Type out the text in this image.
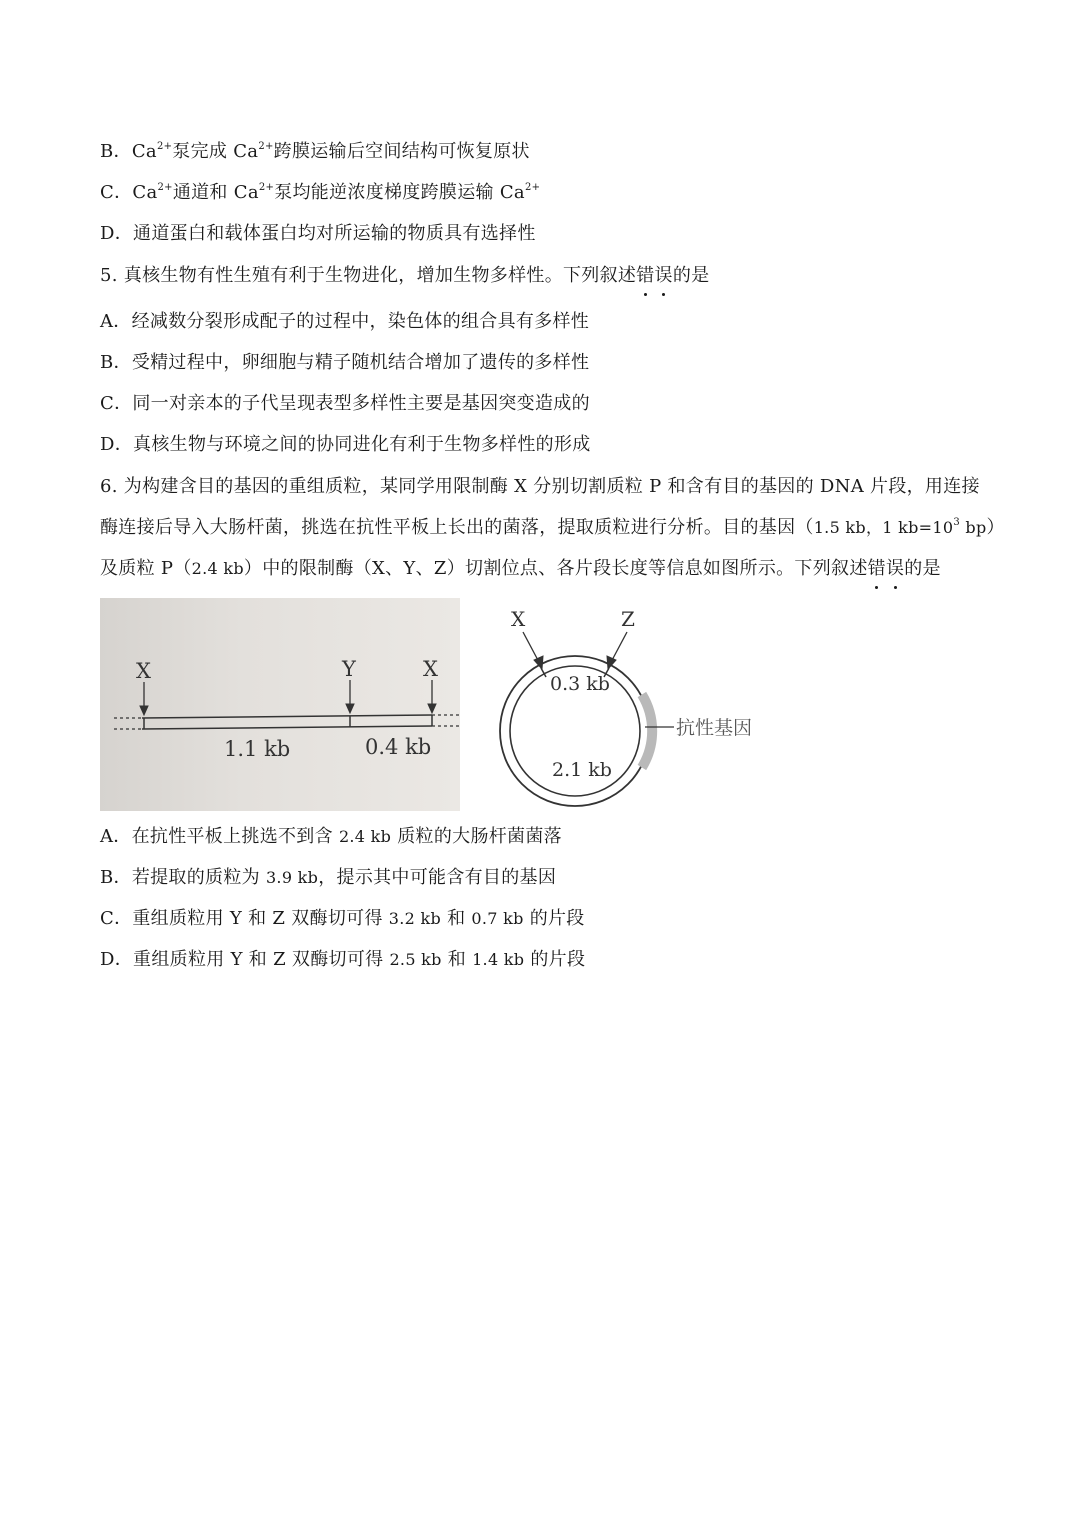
B．$Ca^{2+}$泵完成 $Ca^{2+}$跨膜运输后空间结构可恢复原状
C．$Ca^{2+}$通道和 $Ca^{2+}$泵均能逆浓度梯度跨膜运输 $Ca^{2+}$
D．通道蛋白和载体蛋白均对所运输的物质具有选择性
5. 真核生物有性生殖有利于生物进化，增加生物多样性。下列叙述错误的是
A．经减数分裂形成配子的过程中，染色体的组合具有多样性
B．受精过程中，卵细胞与精子随机结合增加了遗传的多样性
C．同一对亲本的子代呈现表型多样性主要是基因突变造成的
D．真核生物与环境之间的协同进化有利于生物多样性的形成
6. 为构建含目的基因的重组质粒，某同学用限制酶 X 分别切割质粒 P 和含有目的基因的 DNA 片段，用连接
酶连接后导入大肠杆菌，挑选在抗性平板上长出的菌落，提取质粒进行分析。目的基因（1.5 kb，1 $kb=10^3$ bp）
及质粒 P（2.4 kb）中的限制酶（X、Y、Z）切割位点、各片段长度等信息如图所示。下列叙述错误的是
X	Y	X
1.1 kb	0.4 kb
X	Z
0.3 kb
2.1 kb
抗性基因
A．在抗性平板上挑选不到含 2.4 kb 质粒的大肠杆菌菌落
B．若提取的质粒为 3.9 kb，提示其中可能含有目的基因
C．重组质粒用 Y 和 Z 双酶切可得 3.2 kb 和 0.7 kb 的片段
D．重组质粒用 Y 和 Z 双酶切可得 2.5 kb 和 1.4 kb 的片段
